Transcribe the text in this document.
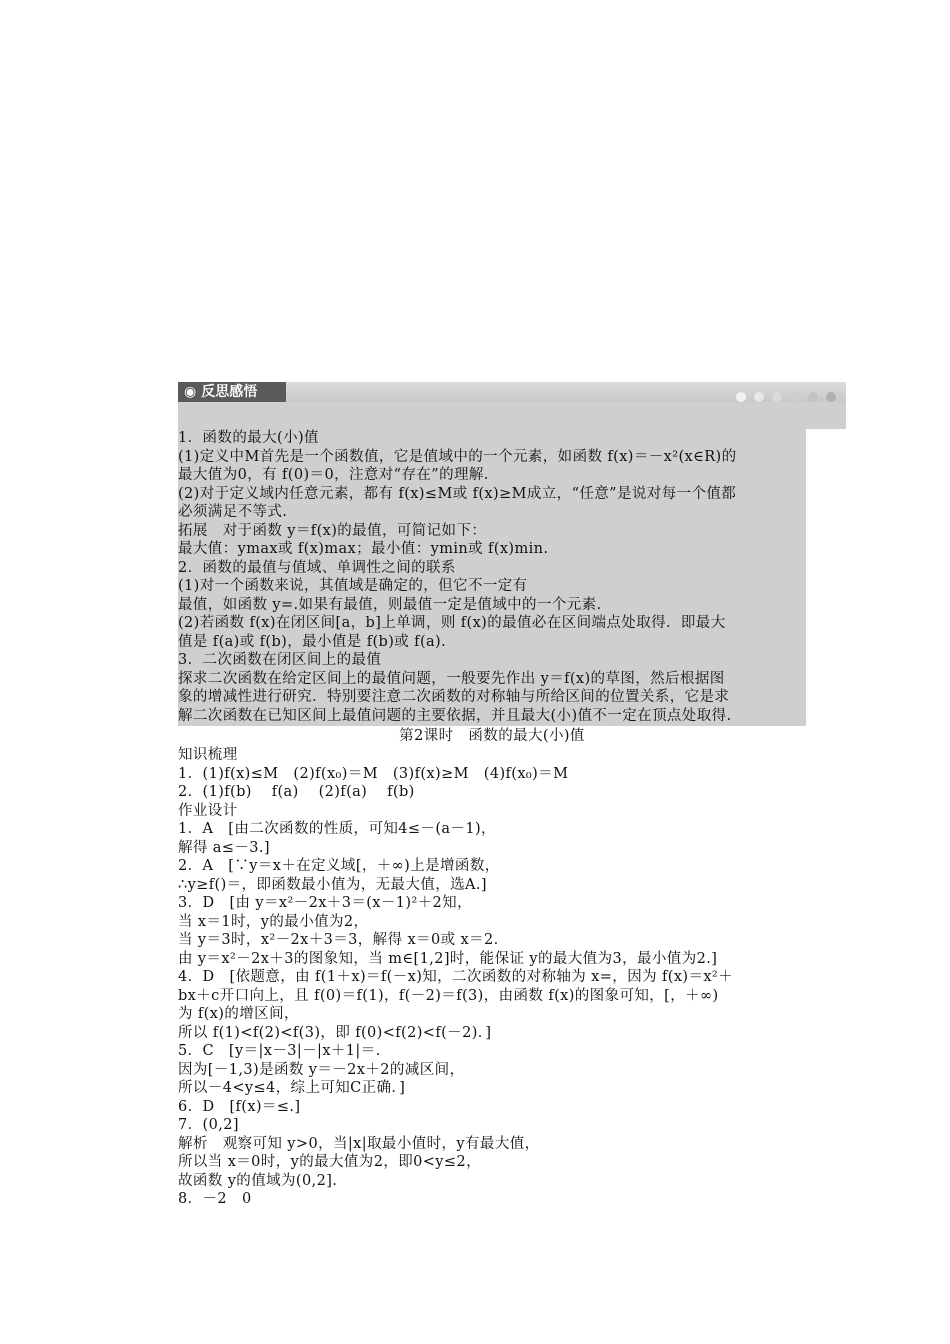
◉ 反思感悟
1．函数的最大(小)值
(1)定义中M首先是一个函数值，它是值域中的一个元素，如函数 f(x)＝－x²(x∈R)的
最大值为0，有 f(0)＝0，注意对“存在”的理解.
(2)对于定义域内任意元素，都有 f(x)≤M或 f(x)≥M成立，“任意”是说对每一个值都
必须满足不等式.
拓展　对于函数 y＝f(x)的最值，可简记如下：
最大值：ymax或 f(x)max；最小值：ymin或 f(x)min.
2．函数的最值与值域、单调性之间的联系
(1)对一个函数来说，其值域是确定的，但它不一定有
最值，如函数 y=.如果有最值，则最值一定是值域中的一个元素.
(2)若函数 f(x)在闭区间[a，b]上单调，则 f(x)的最值必在区间端点处取得．即最大
值是 f(a)或 f(b)，最小值是 f(b)或 f(a).
3．二次函数在闭区间上的最值
探求二次函数在给定区间上的最值问题，一般要先作出 y＝f(x)的草图，然后根据图
象的增减性进行研究．特别要注意二次函数的对称轴与所给区间的位置关系，它是求
解二次函数在已知区间上最值问题的主要依据，并且最大(小)值不一定在顶点处取得.
第2课时　函数的最大(小)值
知识梳理
1．(1)f(x)≤M　(2)f(x₀)＝M　(3)f(x)≥M　(4)f(x₀)＝M
2．(1)f(b)　 f(a)　 (2)f(a)　 f(b)
作业设计
1．A　[由二次函数的性质，可知4≤－(a－1)，
解得 a≤－3.]
2．A　[∵y＝x＋在定义域[，＋∞)上是增函数，
∴y≥f()＝，即函数最小值为，无最大值，选A.]
3．D　[由 y＝x²－2x＋3＝(x－1)²＋2知，
当 x＝1时，y的最小值为2，
当 y＝3时，x²－2x＋3＝3，解得 x＝0或 x＝2.
由 y＝x²－2x＋3的图象知，当 m∈[1,2]时，能保证 y的最大值为3，最小值为2.]
4．D　[依题意，由 f(1＋x)＝f(－x)知，二次函数的对称轴为 x=，因为 f(x)＝x²＋
bx＋c开口向上，且 f(0)＝f(1)，f(－2)＝f(3)，由函数 f(x)的图象可知，[，＋∞)
为 f(x)的增区间，
所以 f(1)<f(2)<f(3)，即 f(0)<f(2)<f(－2)．]
5．C　[y＝|x－3|－|x＋1|＝.
因为[－1,3)是函数 y＝－2x＋2的减区间，
所以－4<y≤4，综上可知C正确．]
6．D　[f(x)＝≤.]
7．(0,2]
解析　观察可知 y>0，当|x|取最小值时，y有最大值，
所以当 x＝0时，y的最大值为2，即0<y≤2，
故函数 y的值域为(0,2].
8．－2　0
